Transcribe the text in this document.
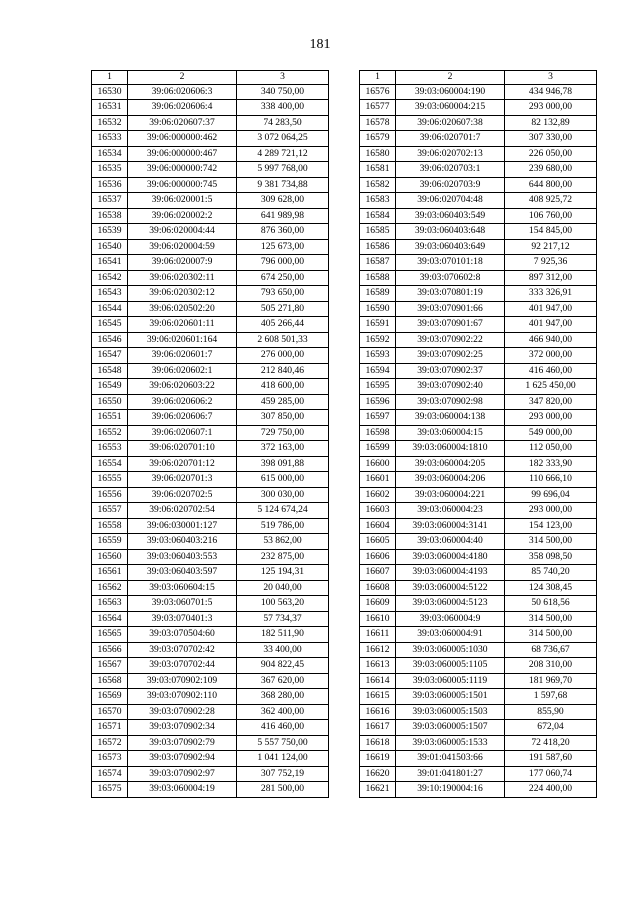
181
1	2	3
16530	39:06:020606:3	340 750,00
16531	39:06:020606:4	338 400,00
16532	39:06:020607:37	74 283,50
16533	39:06:000000:462	3 072 064,25
16534	39:06:000000:467	4 289 721,12
16535	39:06:000000:742	5 997 768,00
16536	39:06:000000:745	9 381 734,88
16537	39:06:020001:5	309 628,00
16538	39:06:020002:2	641 989,98
16539	39:06:020004:44	876 360,00
16540	39:06:020004:59	125 673,00
16541	39:06:020007:9	796 000,00
16542	39:06:020302:11	674 250,00
16543	39:06:020302:12	793 650,00
16544	39:06:020502:20	505 271,80
16545	39:06:020601:11	405 266,44
16546	39:06:020601:164	2 608 501,33
16547	39:06:020601:7	276 000,00
16548	39:06:020602:1	212 840,46
16549	39:06:020603:22	418 600,00
16550	39:06:020606:2	459 285,00
16551	39:06:020606:7	307 850,00
16552	39:06:020607:1	729 750,00
16553	39:06:020701:10	372 163,00
16554	39:06:020701:12	398 091,88
16555	39:06:020701:3	615 000,00
16556	39:06:020702:5	300 030,00
16557	39:06:020702:54	5 124 674,24
16558	39:06:030001:127	519 786,00
16559	39:03:060403:216	53 862,00
16560	39:03:060403:553	232 875,00
16561	39:03:060403:597	125 194,31
16562	39:03:060604:15	20 040,00
16563	39:03:060701:5	100 563,20
16564	39:03:070401:3	57 734,37
16565	39:03:070504:60	182 511,90
16566	39:03:070702:42	33 400,00
16567	39:03:070702:44	904 822,45
16568	39:03:070902:109	367 620,00
16569	39:03:070902:110	368 280,00
16570	39:03:070902:28	362 400,00
16571	39:03:070902:34	416 460,00
16572	39:03:070902:79	5 557 750,00
16573	39:03:070902:94	1 041 124,00
16574	39:03:070902:97	307 752,19
16575	39:03:060004:19	281 500,00
1	2	3
16576	39:03:060004:190	434 946,78
16577	39:03:060004:215	293 000,00
16578	39:06:020607:38	82 132,89
16579	39:06:020701:7	307 330,00
16580	39:06:020702:13	226 050,00
16581	39:06:020703:1	239 680,00
16582	39:06:020703:9	644 800,00
16583	39:06:020704:48	408 925,72
16584	39:03:060403:549	106 760,00
16585	39:03:060403:648	154 845,00
16586	39:03:060403:649	92 217,12
16587	39:03:070101:18	7 925,36
16588	39:03:070602:8	897 312,00
16589	39:03:070801:19	333 326,91
16590	39:03:070901:66	401 947,00
16591	39:03:070901:67	401 947,00
16592	39:03:070902:22	466 940,00
16593	39:03:070902:25	372 000,00
16594	39:03:070902:37	416 460,00
16595	39:03:070902:40	1 625 450,00
16596	39:03:070902:98	347 820,00
16597	39:03:060004:138	293 000,00
16598	39:03:060004:15	549 000,00
16599	39:03:060004:1810	112 050,00
16600	39:03:060004:205	182 333,90
16601	39:03:060004:206	110 666,10
16602	39:03:060004:221	99 696,04
16603	39:03:060004:23	293 000,00
16604	39:03:060004:3141	154 123,00
16605	39:03:060004:40	314 500,00
16606	39:03:060004:4180	358 098,50
16607	39:03:060004:4193	85 740,20
16608	39:03:060004:5122	124 308,45
16609	39:03:060004:5123	50 618,56
16610	39:03:060004:9	314 500,00
16611	39:03:060004:91	314 500,00
16612	39:03:060005:1030	68 736,67
16613	39:03:060005:1105	208 310,00
16614	39:03:060005:1119	181 969,70
16615	39:03:060005:1501	1 597,68
16616	39:03:060005:1503	855,90
16617	39:03:060005:1507	672,04
16618	39:03:060005:1533	72 418,20
16619	39:01:041503:66	191 587,60
16620	39:01:041801:27	177 060,74
16621	39:10:190004:16	224 400,00
